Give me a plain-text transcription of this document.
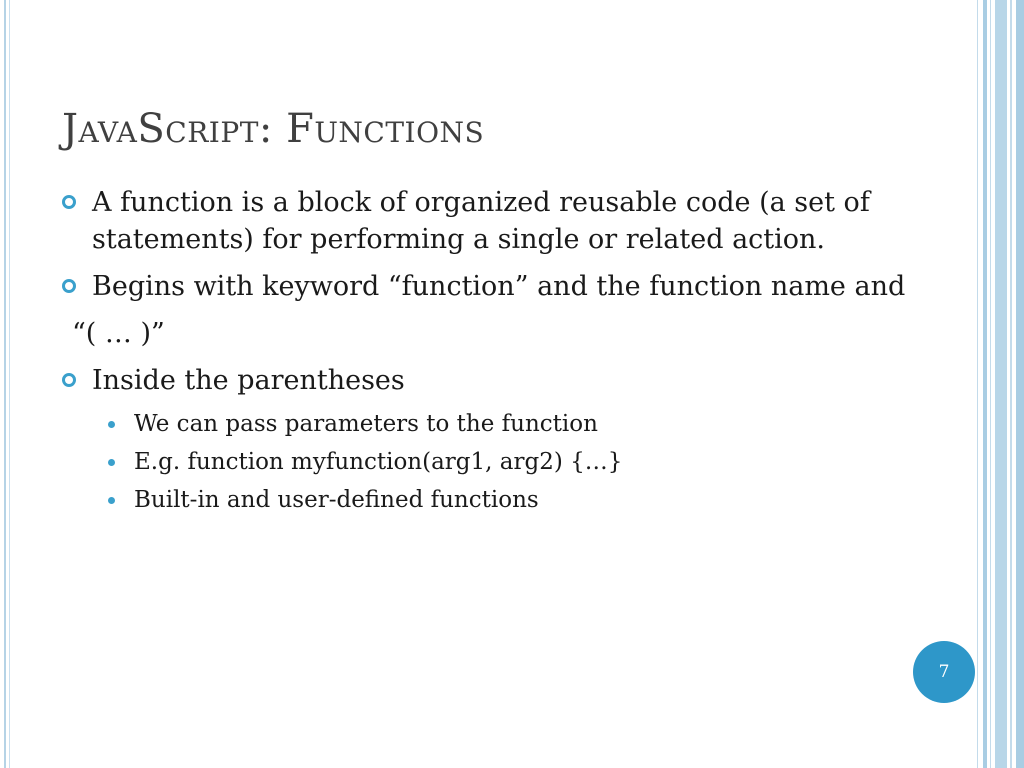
JavaScript: Functions

A function is a block of organized reusable code (a set of statements) for performing a single or related action.

Begins with keyword “function” and the function name and

“( … )”

Inside the parentheses

We can pass parameters to the function

E.g. function myfunction(arg1, arg2) {…}

Built-in and user-defined functions

7
